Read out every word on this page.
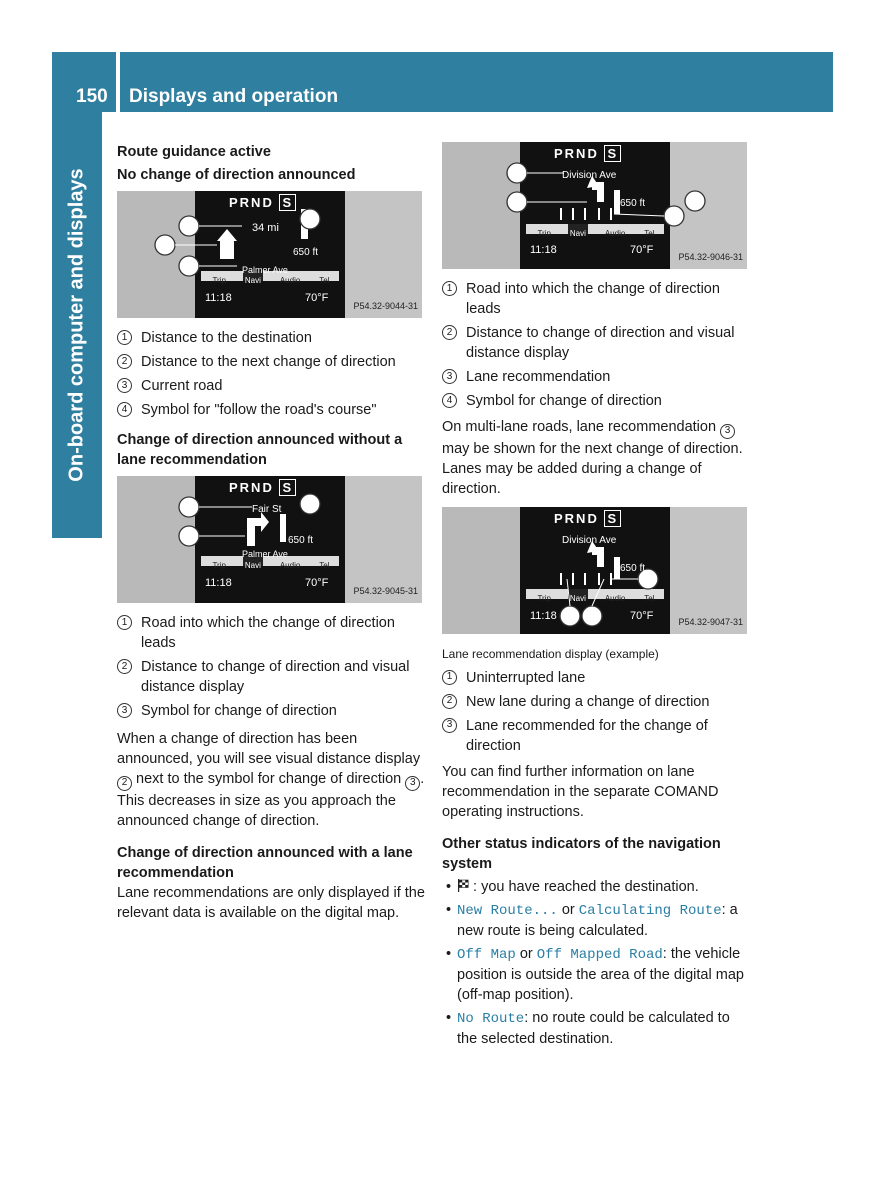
150 Displays and operation
On-board computer and displays
Route guidance active
No change of direction announced
PRND S
34 mi
650 ft
Palmer Ave
Trip Navi Audio Tel
11:18	70°F
P54.32-9044-31
1 Distance to the destination
2 Distance to the next change of direction
3 Current road
4 Symbol for "follow the road's course"
Change of direction announced without a lane recommendation
PRND S
Fair St
650 ft
Palmer Ave
Trip Navi Audio Tel
11:18	70°F
P54.32-9045-31
1 Road into which the change of direction leads
2 Distance to change of direction and visual distance display
3 Symbol for change of direction

When a change of direction has been announced, you will see visual distance display 2 next to the symbol for change of direction 3 . This decreases in size as you approach the announced change of direction.

Change of direction announced with a lane recommendation

Lane recommendations are only displayed if the relevant data is available on the digital map.

PRND S
Division Ave
650 ft
Trip Navi Audio Tel
11:18	70°F
P54.32-9046-31
1 Road into which the change of direction leads
2 Distance to change of direction and visual distance display
3 Lane recommendation
4 Symbol for change of direction

On multi-lane roads, lane recommendation 3 may be shown for the next change of direction. Lanes may be added during a change of direction.

PRND S
Division Ave
650 ft
Trip Navi Audio Tel
11:18	70°F	P54.32-9047-31
Lane recommendation display (example)
1 Uninterrupted lane
2 New lane during a change of direction
3 Lane recommended for the change of direction

You can find further information on lane recommendation in the separate COMAND operating instructions.

Other status indicators of the navigation system
•	: you have reached the destination.
• New Route... or Calculating Route: a new route is being calculated.
• Off Map or Off Mapped Road: the vehicle position is outside the area of the digital map (off-map position).
• No Route: no route could be calculated to the selected destination.
